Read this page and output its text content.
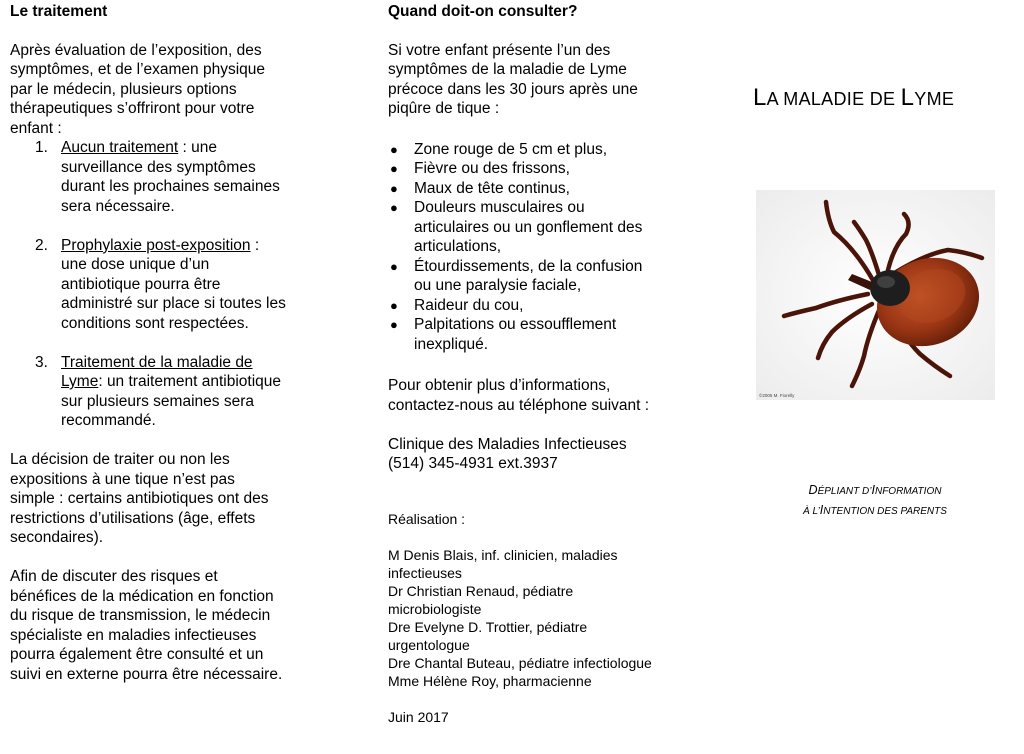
Le traitement

Après évaluation de l’exposition, des
symptômes, et de l’examen physique
par le médecin, plusieurs options
thérapeutiques s’offriront pour votre
enfant :

1. Aucun traitement : une
surveillance des symptômes
durant les prochaines semaines
sera nécessaire.
2. Prophylaxie post-exposition :
une dose unique d’un
antibiotique pourra être
administré sur place si toutes les
conditions sont respectées.
3. Traitement de la maladie de
Lyme: un traitement antibiotique
sur plusieurs semaines sera
recommandé.

La décision de traiter ou non les
expositions à une tique n’est pas
simple : certains antibiotiques ont des
restrictions d’utilisations (âge, effets
secondaires).

Afin de discuter des risques et
bénéfices de la médication en fonction
du risque de transmission, le médecin
spécialiste en maladies infectieuses
pourra également être consulté et un
suivi en externe pourra être nécessaire.

Quand doit-on consulter?

Si votre enfant présente l’un des
symptômes de la maladie de Lyme
précoce dans les 30 jours après une
piqûre de tique :

● Zone rouge de 5 cm et plus,
● Fièvre ou des frissons,
● Maux de tête continus,
● Douleurs musculaires ou
articulaires ou un gonflement des
articulations,
● Étourdissements, de la confusion
ou une paralysie faciale,
● Raideur du cou,
● Palpitations ou essoufflement
inexpliqué.

Pour obtenir plus d’informations,
contactez-nous au téléphone suivant :

Clinique des Maladies Infectieuses
(514) 345-4931 ext.3937

Réalisation :

M Denis Blais, inf. clinicien, maladies
infectieuses
Dr Christian Renaud, pédiatre
microbiologiste
Dre Evelyne D. Trottier, pédiatre
urgentologue
Dre Chantal Buteau, pédiatre infectiologue
Mme Hélène Roy, pharmacienne

Juin 2017

LA MALADIE DE LYME
©2005 M. Fiorelly
DÉPLIANT D’INFORMATION
À L’INTENTION DES PARENTS
